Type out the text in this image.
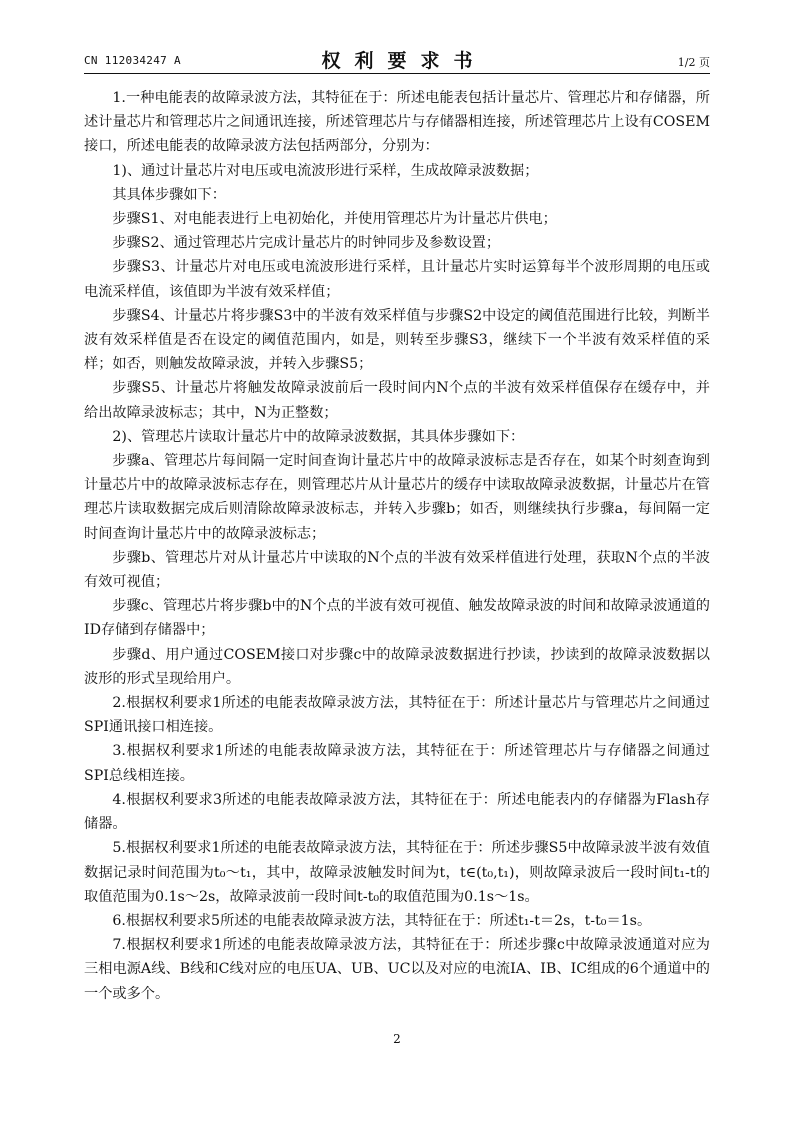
CN 112034247 A	权利要求书	1/2 页

1.一种电能表的故障录波方法，其特征在于：所述电能表包括计量芯片、管理芯片和存储器，所述计量芯片和管理芯片之间通讯连接，所述管理芯片与存储器相连接，所述管理芯片上设有COSEM接口，所述电能表的故障录波方法包括两部分，分别为：

1)、通过计量芯片对电压或电流波形进行采样，生成故障录波数据；

其具体步骤如下：

步骤S1、对电能表进行上电初始化，并使用管理芯片为计量芯片供电；

步骤S2、通过管理芯片完成计量芯片的时钟同步及参数设置；

步骤S3、计量芯片对电压或电流波形进行采样，且计量芯片实时运算每半个波形周期的电压或电流采样值，该值即为半波有效采样值；

步骤S4、计量芯片将步骤S3中的半波有效采样值与步骤S2中设定的阈值范围进行比较，判断半波有效采样值是否在设定的阈值范围内，如是，则转至步骤S3，继续下一个半波有效采样值的采样；如否，则触发故障录波，并转入步骤S5；

步骤S5、计量芯片将触发故障录波前后一段时间内N个点的半波有效采样值保存在缓存中，并给出故障录波标志；其中，N为正整数；

2)、管理芯片读取计量芯片中的故障录波数据，其具体步骤如下：

步骤a、管理芯片每间隔一定时间查询计量芯片中的故障录波标志是否存在，如某个时刻查询到计量芯片中的故障录波标志存在，则管理芯片从计量芯片的缓存中读取故障录波数据，计量芯片在管理芯片读取数据完成后则清除故障录波标志，并转入步骤b；如否，则继续执行步骤a，每间隔一定时间查询计量芯片中的故障录波标志；

步骤b、管理芯片对从计量芯片中读取的N个点的半波有效采样值进行处理，获取N个点的半波有效可视值；

步骤c、管理芯片将步骤b中的N个点的半波有效可视值、触发故障录波的时间和故障录波通道的ID存储到存储器中；

步骤d、用户通过COSEM接口对步骤c中的故障录波数据进行抄读，抄读到的故障录波数据以波形的形式呈现给用户。

2.根据权利要求1所述的电能表故障录波方法，其特征在于：所述计量芯片与管理芯片之间通过SPI通讯接口相连接。

3.根据权利要求1所述的电能表故障录波方法，其特征在于：所述管理芯片与存储器之间通过SPI总线相连接。

4.根据权利要求3所述的电能表故障录波方法，其特征在于：所述电能表内的存储器为Flash存储器。

5.根据权利要求1所述的电能表故障录波方法，其特征在于：所述步骤S5中故障录波半波有效值数据记录时间范围为t₀～t₁，其中，故障录波触发时间为t，t∈(t₀,t₁)，则故障录波后一段时间t₁-t的取值范围为0.1s～2s，故障录波前一段时间t-t₀的取值范围为0.1s～1s。

6.根据权利要求5所述的电能表故障录波方法，其特征在于：所述t₁-t＝2s，t-t₀＝1s。

7.根据权利要求1所述的电能表故障录波方法，其特征在于：所述步骤c中故障录波通道对应为三相电源A线、B线和C线对应的电压UA、UB、UC以及对应的电流IA、IB、IC组成的6个通道中的一个或多个。

2
